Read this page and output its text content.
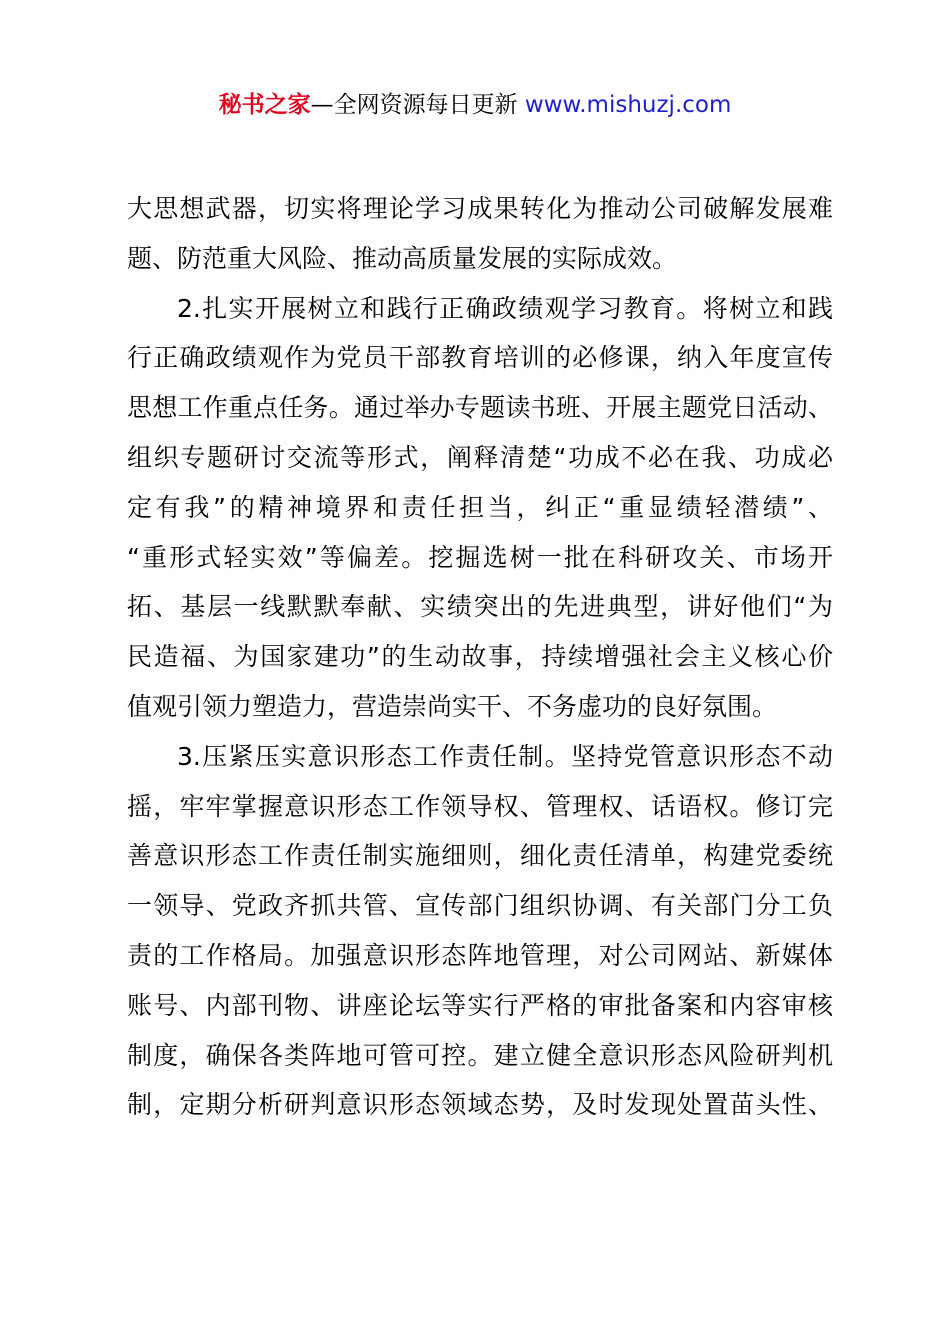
秘书之家—全网资源每日更新 www.mishuzj.com
大思想武器，切实将理论学习成果转化为推动公司破解发展难
题、防范重大风险、推动高质量发展的实际成效。
2.扎实开展树立和践行正确政绩观学习教育。将树立和践
行正确政绩观作为党员干部教育培训的必修课，纳入年度宣传
思想工作重点任务。通过举办专题读书班、开展主题党日活动、
组织专题研讨交流等形式，阐释清楚“功成不必在我、功成必
定有我”的精神境界和责任担当，纠正“重显绩轻潜绩”、
“重形式轻实效”等偏差。挖掘选树一批在科研攻关、市场开
拓、基层一线默默奉献、实绩突出的先进典型，讲好他们“为
民造福、为国家建功”的生动故事，持续增强社会主义核心价
值观引领力塑造力，营造崇尚实干、不务虚功的良好氛围。
3.压紧压实意识形态工作责任制。坚持党管意识形态不动
摇，牢牢掌握意识形态工作领导权、管理权、话语权。修订完
善意识形态工作责任制实施细则，细化责任清单，构建党委统
一领导、党政齐抓共管、宣传部门组织协调、有关部门分工负
责的工作格局。加强意识形态阵地管理，对公司网站、新媒体
账号、内部刊物、讲座论坛等实行严格的审批备案和内容审核
制度，确保各类阵地可管可控。建立健全意识形态风险研判机
制，定期分析研判意识形态领域态势，及时发现处置苗头性、
